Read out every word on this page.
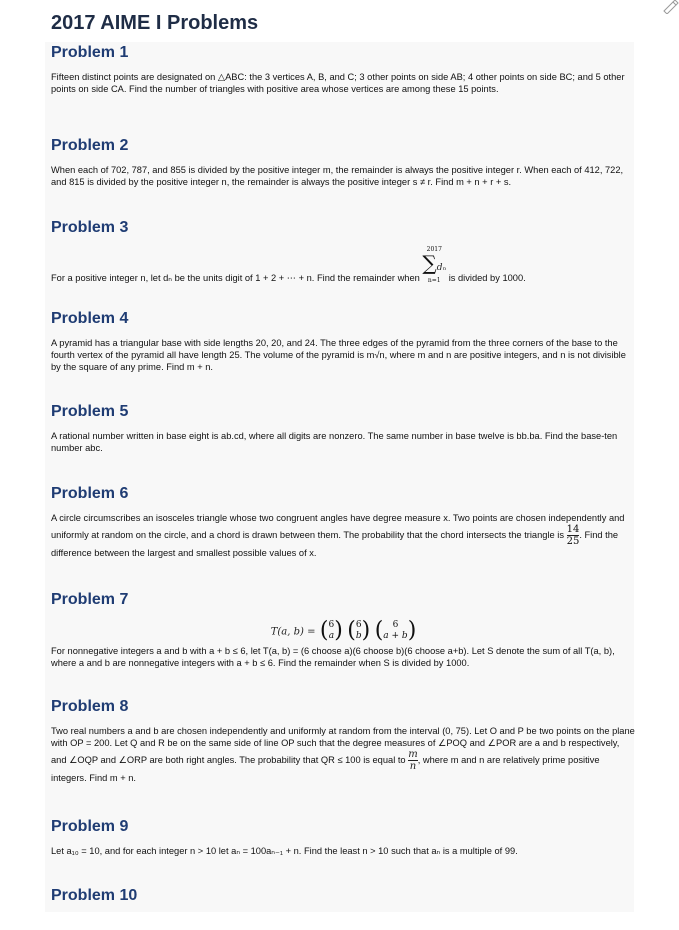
2017 AIME I Problems
Problem 1

Fifteen distinct points are designated on △ABC: the 3 vertices A, B, and C; 3 other points on side AB; 4 other points on side BC; and 5 other points on side CA. Find the number of triangles with positive area whose vertices are among these 15 points.

Problem 2

When each of 702, 787, and 855 is divided by the positive integer m, the remainder is always the positive integer r. When each of 412, 722, and 815 is divided by the positive integer n, the remainder is always the positive integer s ≠ r. Find m + n + r + s.

Problem 3

For a positive integer n, let dₙ be the units digit of 1 + 2 + ⋯ + n. Find the remainder when
2017
∑dₙ
n=1 is divided by 1000.

Problem 4

A pyramid has a triangular base with side lengths 20, 20, and 24. The three edges of the pyramid from the three corners of the base to the fourth vertex of the pyramid all have length 25. The volume of the pyramid is m√n, where m and n are positive integers, and n is not divisible by the square of any prime. Find m + n.

Problem 5

A rational number written in base eight is ab.cd, where all digits are nonzero. The same number in base twelve is bb.ba. Find the base-ten number abc.

Problem 6

A circle circumscribes an isosceles triangle whose two congruent angles have degree measure x. Two points are chosen independently and uniformly at random on the circle, and a chord is drawn between them. The probability that the chord intersects the triangle is $\frac{14}{25}$ . Find the difference between the largest and smallest possible values of x.

Problem 7
T(a, b) = ( 6
a ) ( 6
b ) (	6
a + b )

For nonnegative integers a and b with a + b ≤ 6, let T(a, b) = (6 choose a)(6 choose b)(6 choose a+b). Let S denote the sum of all T(a, b), where a and b are nonnegative integers with a + b ≤ 6. Find the remainder when S is divided by 1000.

Problem 8

Two real numbers a and b are chosen independently and uniformly at random from the interval (0, 75). Let O and P be two points on the plane with OP = 200. Let Q and R be on the same side of line OP such that the degree measures of ∠POQ and ∠POR are a and b respectively, and ∠OQP and ∠ORP are both right angles. The probability that QR ≤ 100 is equal to $\frac{m}{n}$ , where m and n are relatively prime positive integers. Find m + n.

Problem 9

Let a₁₀ = 10, and for each integer n > 10 let aₙ = 100aₙ₋₁ + n. Find the least n > 10 such that aₙ is a multiple of 99.

Problem 10
